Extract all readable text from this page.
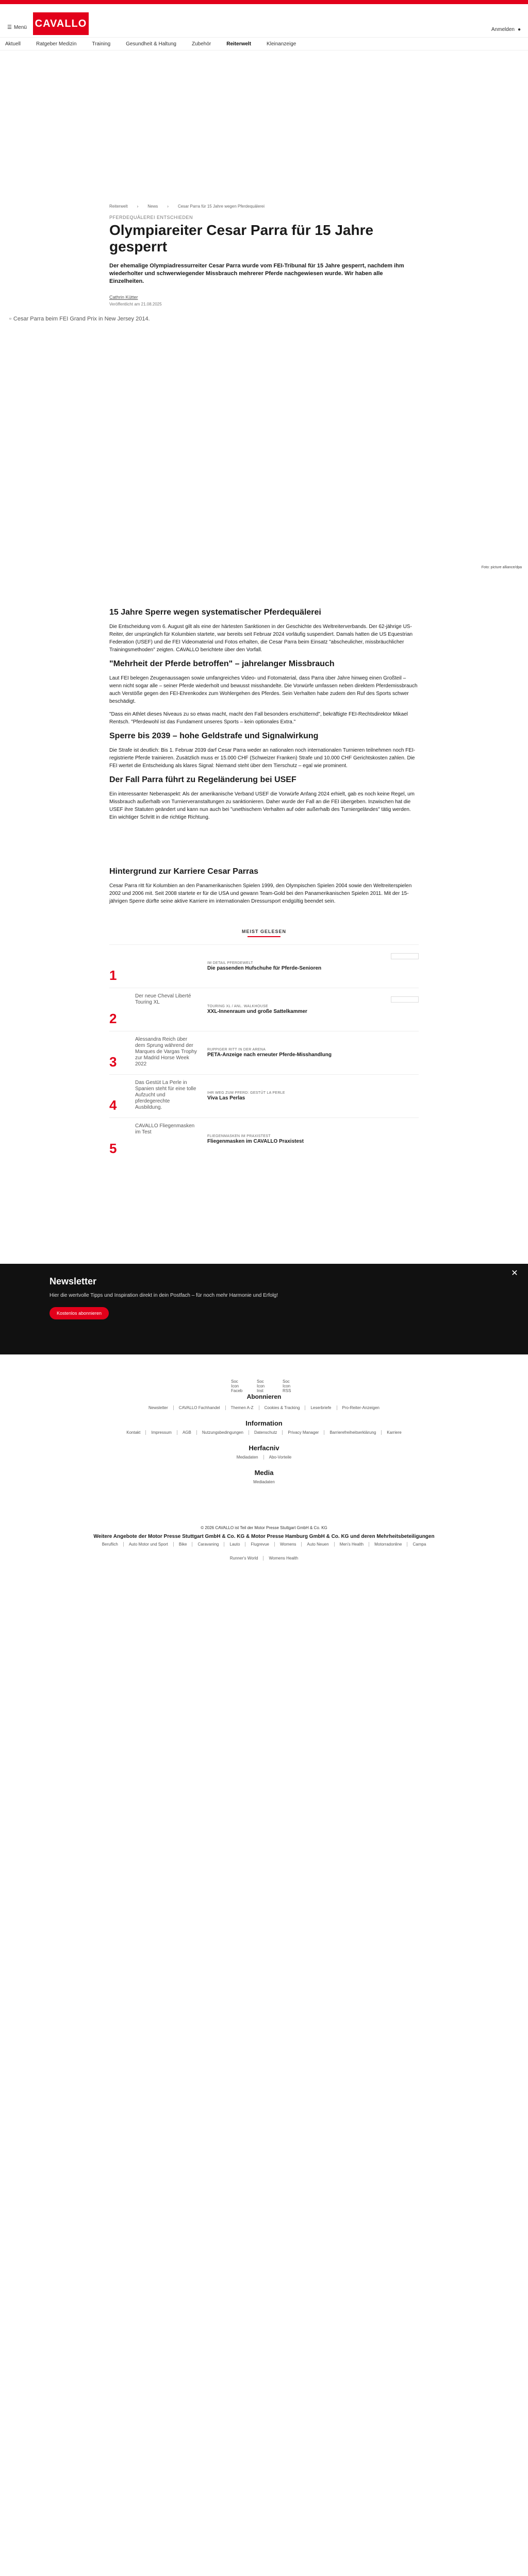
☰ Menü CAVALLO
Anmelden ●
Aktuell	Ratgeber Medizin	Training	Gesundheit & Haltung	Zubehör	Reiterwelt	Kleinanzeige
Reiterwelt › News › Cesar Parra für 15 Jahre wegen Pferdequälerei
PFERDEQUÄLEREI ENTSCHIEDEN
Olympiareiter Cesar Parra für 15 Jahre gesperrt
Der ehemalige Olympiadressurreiter Cesar Parra wurde vom FEI-Tribunal für 15 Jahre gesperrt, nachdem ihm wiederholter und schwerwiegender Missbrauch mehrerer Pferde nachgewiesen wurde. Wir haben alle Einzelheiten.
Cathrin Kütter
Veröffentlicht am 21.08.2025
▫ Cesar Parra beim FEI Grand Prix in New Jersey 2014.
Foto: picture alliance/dpa
15 Jahre Sperre wegen systematischer Pferdequälerei

Die Entscheidung vom 6. August gilt als eine der härtesten Sanktionen in der Geschichte des Weltreiterverbands. Der 62-jährige US-Reiter, der ursprünglich für Kolumbien startete, war bereits seit Februar 2024 vorläufig suspendiert. Damals hatten die US Equestrian Federation (USEF) und die FEI Videomaterial und Fotos erhalten, die Cesar Parra beim Einsatz "abscheulicher, missbräuchlicher Trainingsmethoden" zeigten. CAVALLO berichtete über den Vorfall.

"Mehrheit der Pferde betroffen" – jahrelanger Missbrauch

Laut FEI belegen Zeugenaussagen sowie umfangreiches Video- und Fotomaterial, dass Parra über Jahre hinweg einen Großteil – wenn nicht sogar alle – seiner Pferde wiederholt und bewusst misshandelte. Die Vorwürfe umfassen neben direktem Pferdemissbrauch auch Verstöße gegen den FEI-Ehrenkodex zum Wohlergehen des Pferdes. Sein Verhalten habe zudem den Ruf des Sports schwer beschädigt.

"Dass ein Athlet dieses Niveaus zu so etwas macht, macht den Fall besonders erschütternd", bekräftigte FEI-Rechtsdirektor Mikael Rentsch. "Pferdewohl ist das Fundament unseres Sports – kein optionales Extra."

Sperre bis 2039 – hohe Geldstrafe und Signalwirkung

Die Strafe ist deutlich: Bis 1. Februar 2039 darf Cesar Parra weder an nationalen noch internationalen Turnieren teilnehmen noch FEI-registrierte Pferde trainieren. Zusätzlich muss er 15.000 CHF (Schweizer Franken) Strafe und 10.000 CHF Gerichtskosten zahlen. Die FEI wertet die Entscheidung als klares Signal: Niemand steht über dem Tierschutz – egal wie prominent.

Der Fall Parra führt zu Regeländerung bei USEF

Ein interessanter Nebenaspekt: Als der amerikanische Verband USEF die Vorwürfe Anfang 2024 erhielt, gab es noch keine Regel, um Missbrauch außerhalb von Turnierveranstaltungen zu sanktionieren. Daher wurde der Fall an die FEI übergeben. Inzwischen hat die USEF ihre Statuten geändert und kann nun auch bei "unethischem Verhalten auf oder außerhalb des Turniergeländes" tätig werden. Ein wichtiger Schritt in die richtige Richtung.

Hintergrund zur Karriere Cesar Parras

Cesar Parra ritt für Kolumbien an den Panamerikanischen Spielen 1999, den Olympischen Spielen 2004 sowie den Weltreiterspielen 2002 und 2006 mit. Seit 2008 startete er für die USA und gewann Team-Gold bei den Panamerikanischen Spielen 2011. Mit der 15-jährigen Sperre dürfte seine aktive Karriere im internationalen Dressursport endgültig beendet sein.

MEIST GELESEN
1
IM DETAIL PFERDEWELT
Die passenden Hufschuhe für Pferde-Senioren
2
Der neue Cheval Liberté Touring XL
TOURING XL / ANL. WALKHOUSE
XXL-Innenraum und große Sattelkammer
3
Alessandra Reich über dem Sprung während der Marques de Vargas Trophy zur Madrid Horse Week 2022
RUPPIGER RITT IN DER ARENA
PETA-Anzeige nach erneuter Pferde-Misshandlung
4
Das Gestüt La Perle in Spanien steht für eine tolle Aufzucht und pferdegerechte Ausbildung.
IHR WEG ZUM PFERD: GESTÜT LA PERLE
Viva Las Perlas
5
CAVALLO Fliegenmasken im Test
FLIEGENMASKEN IM PRAXISTEST
Fliegenmasken im CAVALLO Praxistest
Newsletter
Hier die wertvolle Tipps und Inspiration direkt in dein Postfach – für noch mehr Harmonie und Erfolg!
Kostenlos abonnieren
✕
Soc Icon Faceb
Soc Icon Inst
Soc Icon RSS
Abonnieren
Newsletter	CAVALLO Fachhandel	Themen A-Z	Cookies & Tracking	Leserbriefe	Pro-Reiter-Anzeigen
Information
Kontakt	Impressum	AGB	Nutzungsbedingungen	Datenschutz	Privacy Manager	Barrierefreiheitserklärung	Karriere
Herfacniv
Mediadaten	Abo-Vorteile
Media
Mediadaten
© 2026 CAVALLO ist Teil der Motor Presse Stuttgart GmbH & Co. KG
Weitere Angebote der Motor Presse Stuttgart GmbH & Co. KG & Motor Presse Hamburg GmbH & Co. KG und deren Mehrheitsbeteiligungen
Beruflich	Auto Motor und Sport	Bike	Caravaning	Lauto	Flugrevue	Womens	Auto Neuen	Men's Health	Motorradonline	Campa
Runner's World	Womens Health
